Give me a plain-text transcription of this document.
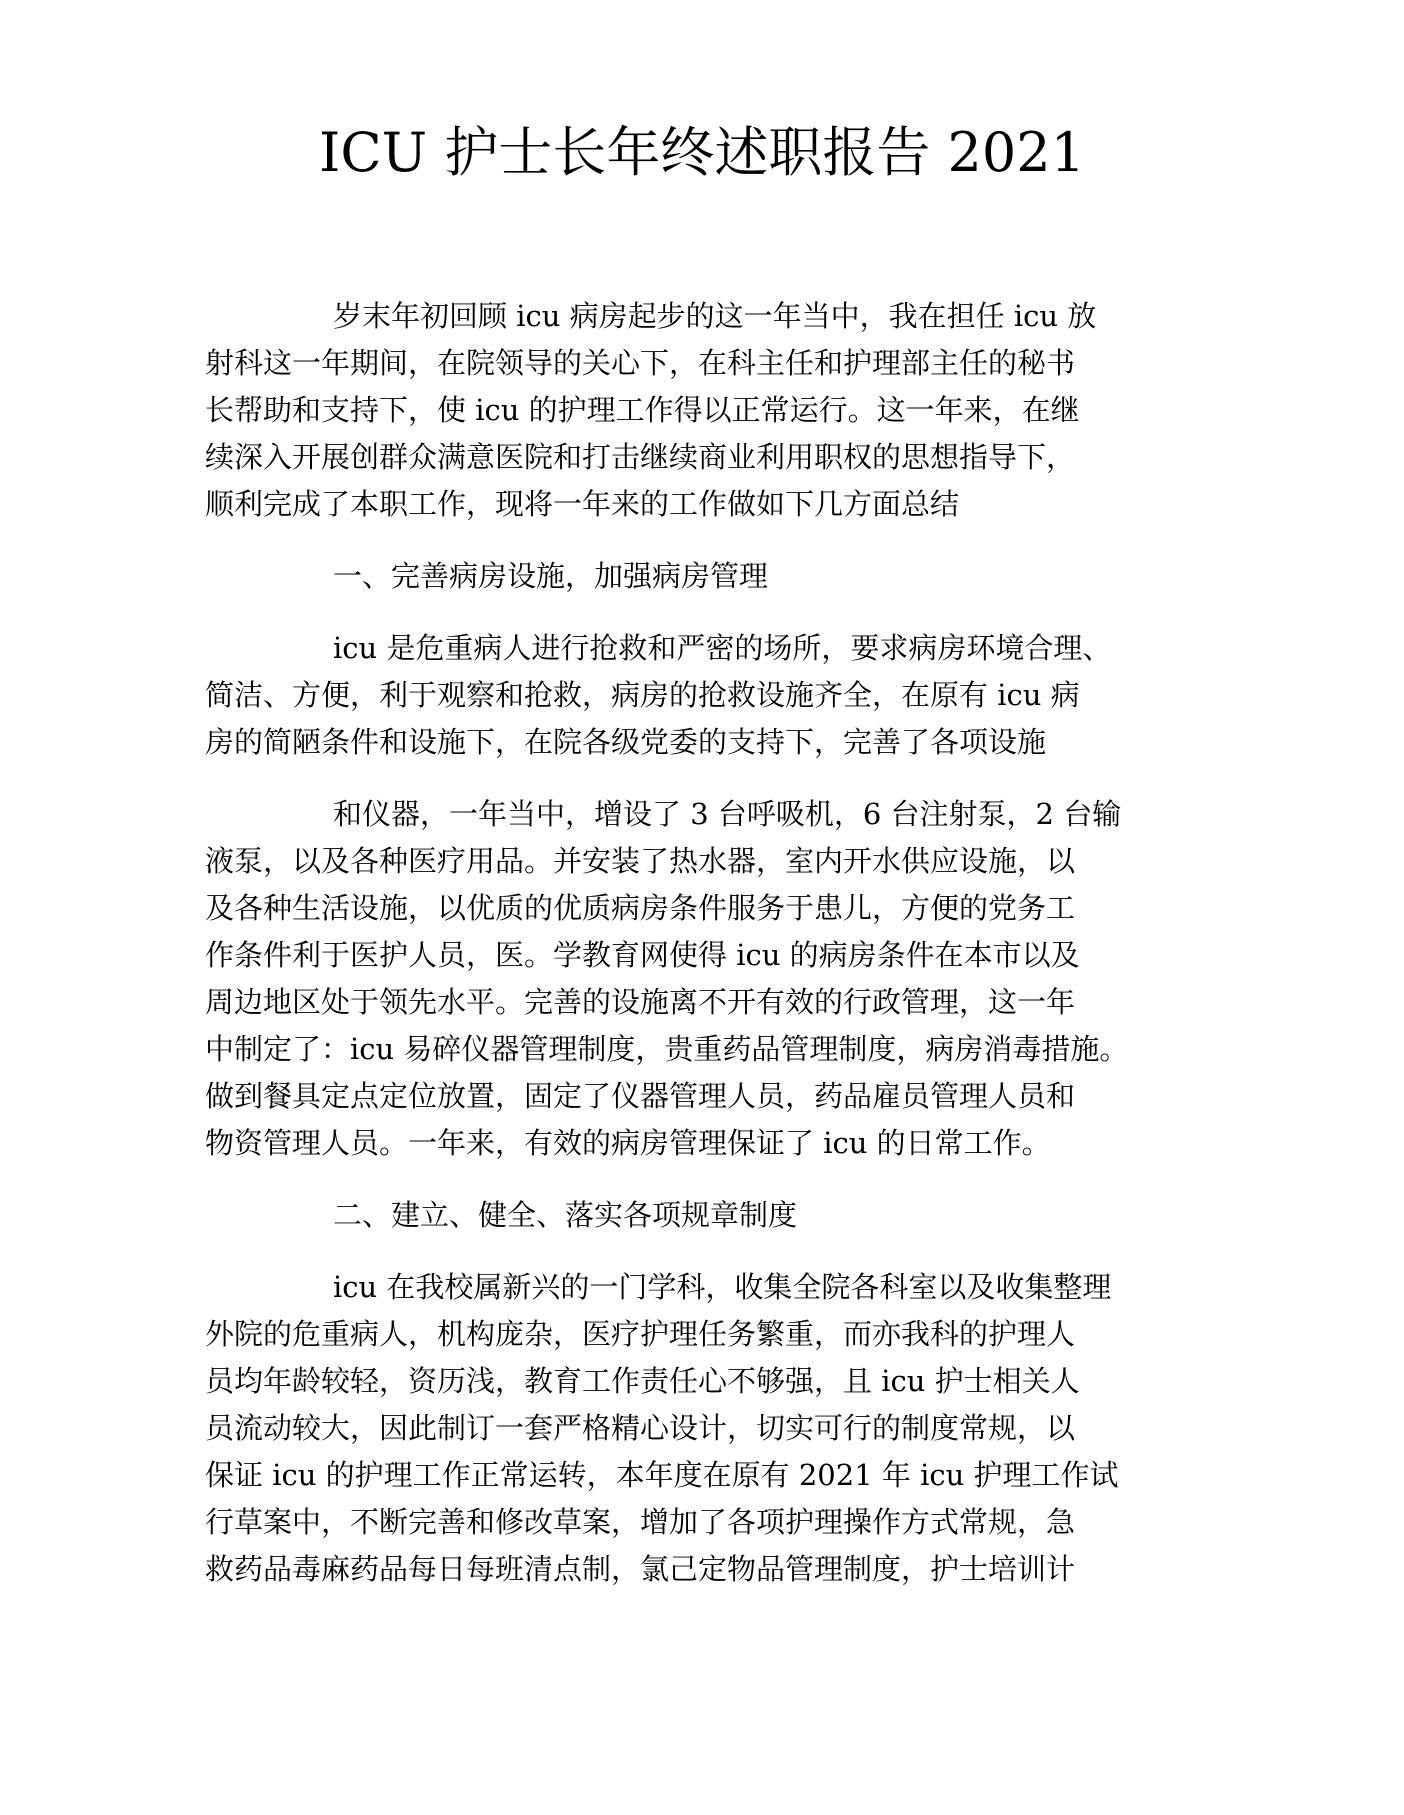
ICU 护士长年终述职报告 2021

岁末年初回顾 icu 病房起步的这一年当中，我在担任 icu 放

射科这一年期间，在院领导的关心下，在科主任和护理部主任的秘书

长帮助和支持下，使 icu 的护理工作得以正常运行。这一年来，在继

续深入开展创群众满意医院和打击继续商业利用职权的思想指导下，

顺利完成了本职工作，现将一年来的工作做如下几方面总结

一、完善病房设施，加强病房管理

icu 是危重病人进行抢救和严密的场所，要求病房环境合理、

简洁、方便，利于观察和抢救，病房的抢救设施齐全，在原有 icu 病

房的简陋条件和设施下，在院各级党委的支持下，完善了各项设施

和仪器，一年当中，增设了 3 台呼吸机，6 台注射泵，2 台输

液泵，以及各种医疗用品。并安装了热水器，室内开水供应设施，以

及各种生活设施，以优质的优质病房条件服务于患儿，方便的党务工

作条件利于医护人员，医。学教育网使得 icu 的病房条件在本市以及

周边地区处于领先水平。完善的设施离不开有效的行政管理，这一年

中制定了：icu 易碎仪器管理制度，贵重药品管理制度，病房消毒措施。

做到餐具定点定位放置，固定了仪器管理人员，药品雇员管理人员和

物资管理人员。一年来，有效的病房管理保证了 icu 的日常工作。

二、建立、健全、落实各项规章制度

icu 在我校属新兴的一门学科，收集全院各科室以及收集整理

外院的危重病人，机构庞杂，医疗护理任务繁重，而亦我科的护理人

员均年龄较轻，资历浅，教育工作责任心不够强，且 icu 护士相关人

员流动较大，因此制订一套严格精心设计，切实可行的制度常规，以

保证 icu 的护理工作正常运转，本年度在原有 2021 年 icu 护理工作试

行草案中，不断完善和修改草案，增加了各项护理操作方式常规，急

救药品毒麻药品每日每班清点制，氯己定物品管理制度，护士培训计
